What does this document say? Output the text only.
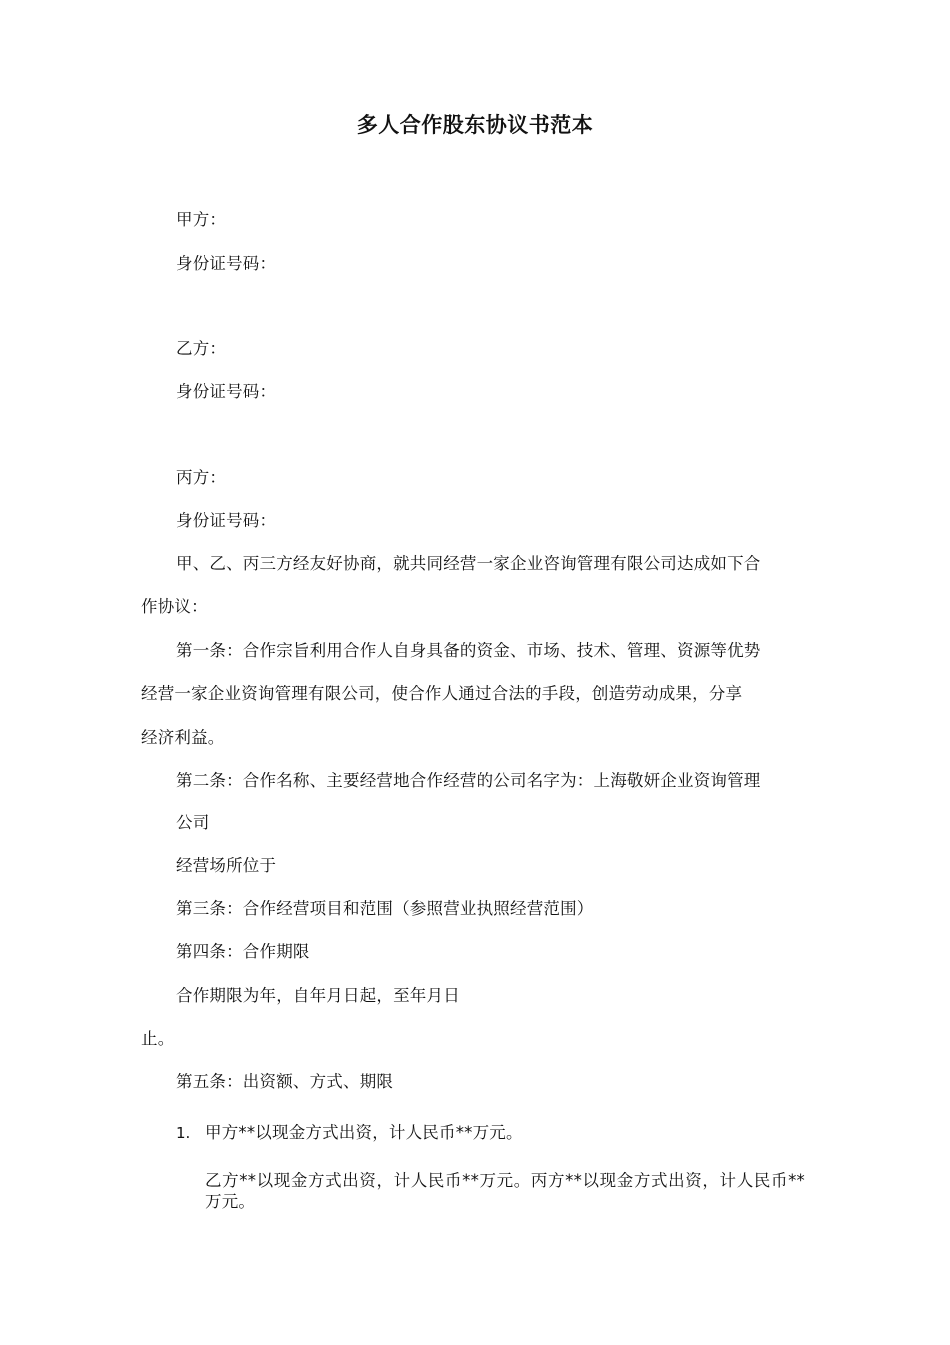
多人合作股东协议书范本
甲方：
身份证号码：
乙方：
身份证号码：
丙方：
身份证号码：
甲、乙、丙三方经友好协商，就共同经营一家企业咨询管理有限公司达成如下合
作协议：
第一条：合作宗旨利用合作人自身具备的资金、市场、技术、管理、资源等优势
经营一家企业资询管理有限公司，使合作人通过合法的手段，创造劳动成果，分享
经济利益。
第二条：合作名称、主要经营地合作经营的公司名字为：上海敬妍企业资询管理
公司
经营场所位于
第三条：合作经营项目和范围（参照营业执照经营范围）
第四条：合作期限
合作期限为年，自年月日起，至年月日
止。
第五条：出资额、方式、期限
1. 甲方**以现金方式出资，计人民币**万元。
乙方**以现金方式出资，计人民币**万元。丙方**以现金方式出资，计人民币**万元。
